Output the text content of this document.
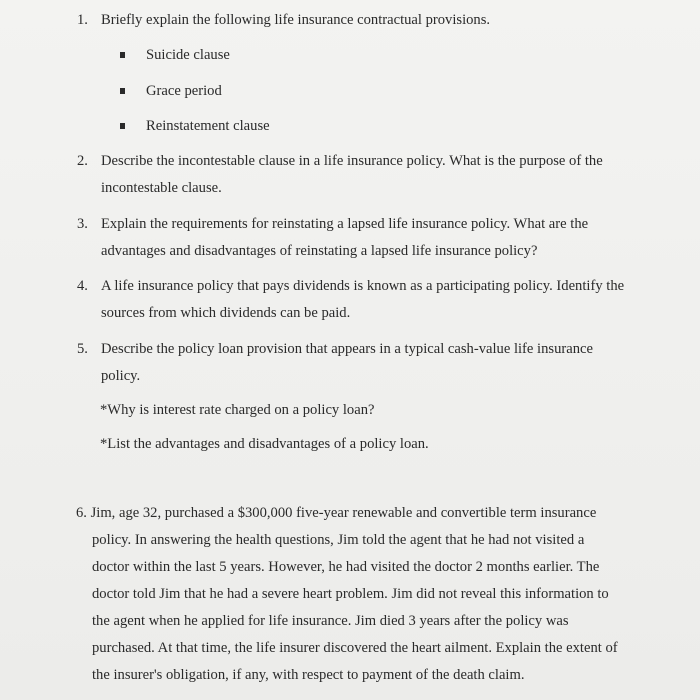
1. Briefly explain the following life insurance contractual provisions.
Suicide clause
Grace period
Reinstatement clause
2. Describe the incontestable clause in a life insurance policy. What is the purpose of the
incontestable clause.
3. Explain the requirements for reinstating a lapsed life insurance policy. What are the
advantages and disadvantages of reinstating a lapsed life insurance policy?
4. A life insurance policy that pays dividends is known as a participating policy. Identify the
sources from which dividends can be paid.
5. Describe the policy loan provision that appears in a typical cash-value life insurance
policy.
*Why is interest rate charged on a policy loan?
*List the advantages and disadvantages of a policy loan.
6. Jim, age 32, purchased a $300,000 five-year renewable and convertible term insurance
policy. In answering the health questions, Jim told the agent that he had not visited a
doctor within the last 5 years. However, he had visited the doctor 2 months earlier. The
doctor told Jim that he had a severe heart problem. Jim did not reveal this information to
the agent when he applied for life insurance. Jim died 3 years after the policy was
purchased. At that time, the life insurer discovered the heart ailment. Explain the extent of
the insurer's obligation, if any, with respect to payment of the death claim.
